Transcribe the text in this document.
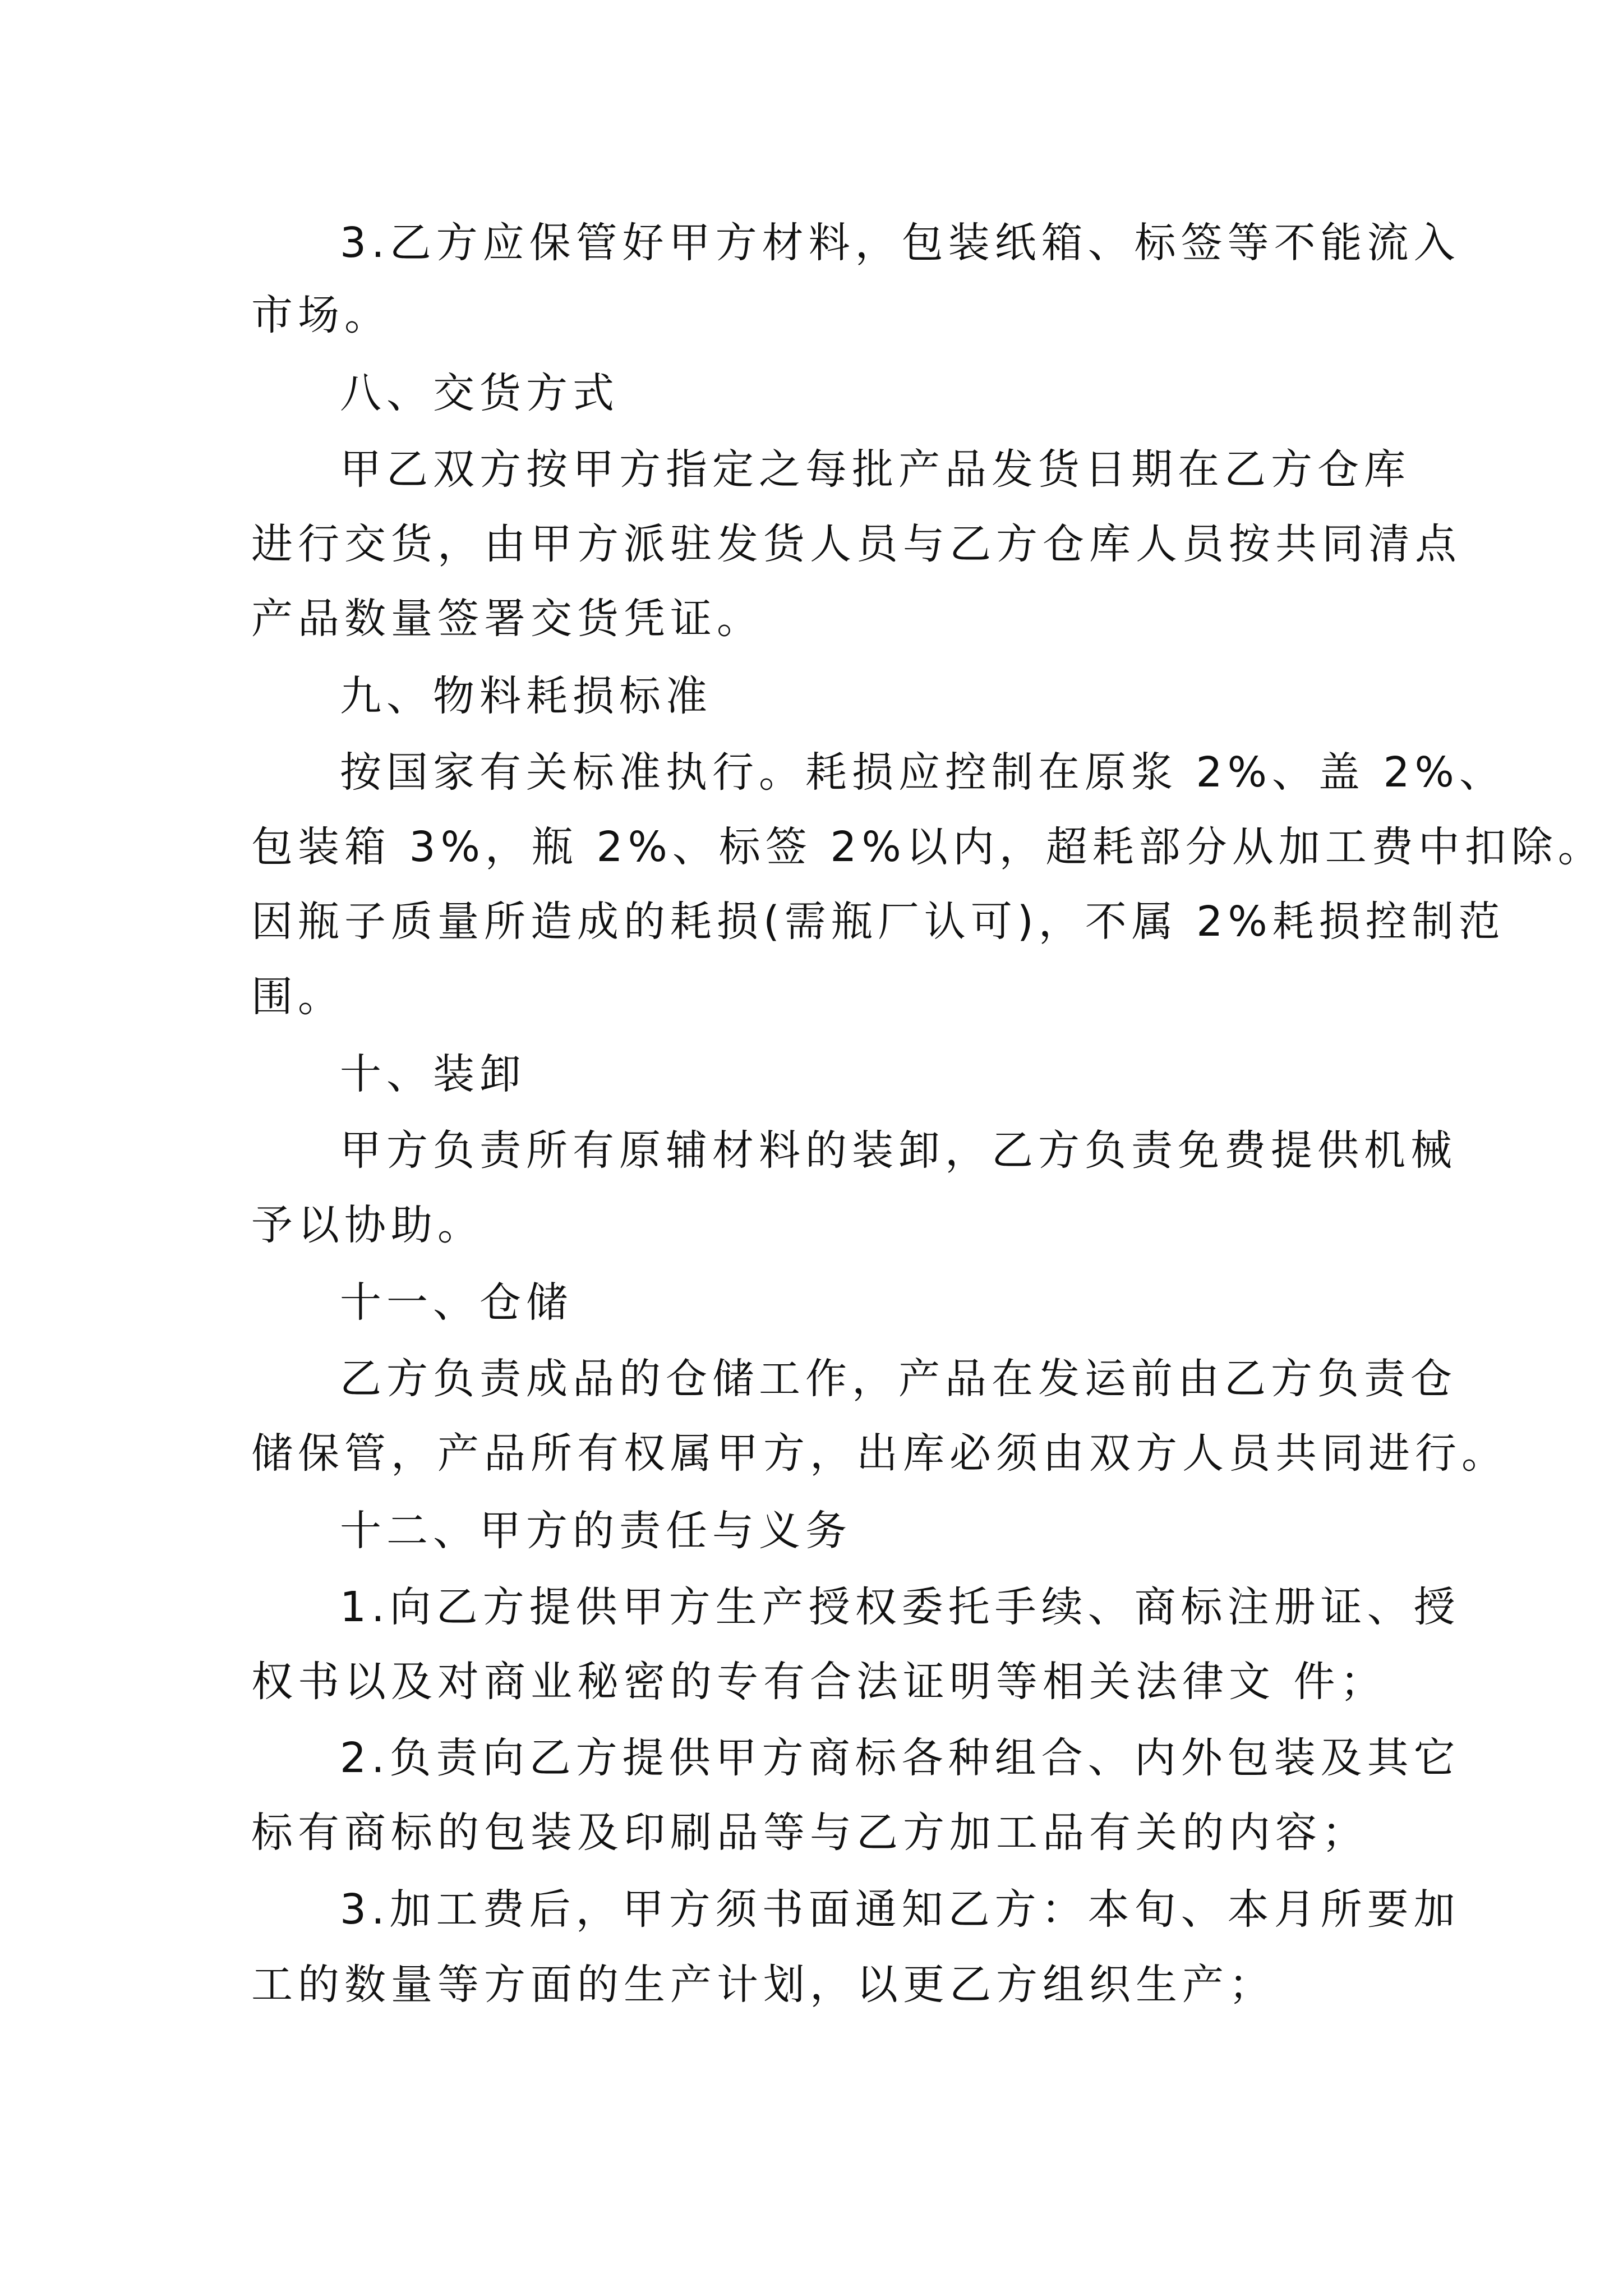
3.乙方应保管好甲方材料，包装纸箱、标签等不能流入

市场。

八、交货方式

甲乙双方按甲方指定之每批产品发货日期在乙方仓库

进行交货，由甲方派驻发货人员与乙方仓库人员按共同清点

产品数量签署交货凭证。

九、物料耗损标准

按国家有关标准执行。耗损应控制在原浆 2%、盖 2%、

包装箱 3%，瓶 2%、标签 2%以内，超耗部分从加工费中扣除。

因瓶子质量所造成的耗损(需瓶厂认可)，不属 2%耗损控制范

围。

十、装卸

甲方负责所有原辅材料的装卸，乙方负责免费提供机械

予以协助。

十一、仓储

乙方负责成品的仓储工作，产品在发运前由乙方负责仓

储保管，产品所有权属甲方，出库必须由双方人员共同进行。

十二、甲方的责任与义务

1.向乙方提供甲方生产授权委托手续、商标注册证、授

权书以及对商业秘密的专有合法证明等相关法律文 件；

2.负责向乙方提供甲方商标各种组合、内外包装及其它

标有商标的包装及印刷品等与乙方加工品有关的内容；

3.加工费后，甲方须书面通知乙方：本旬、本月所要加

工的数量等方面的生产计划，以更乙方组织生产；
